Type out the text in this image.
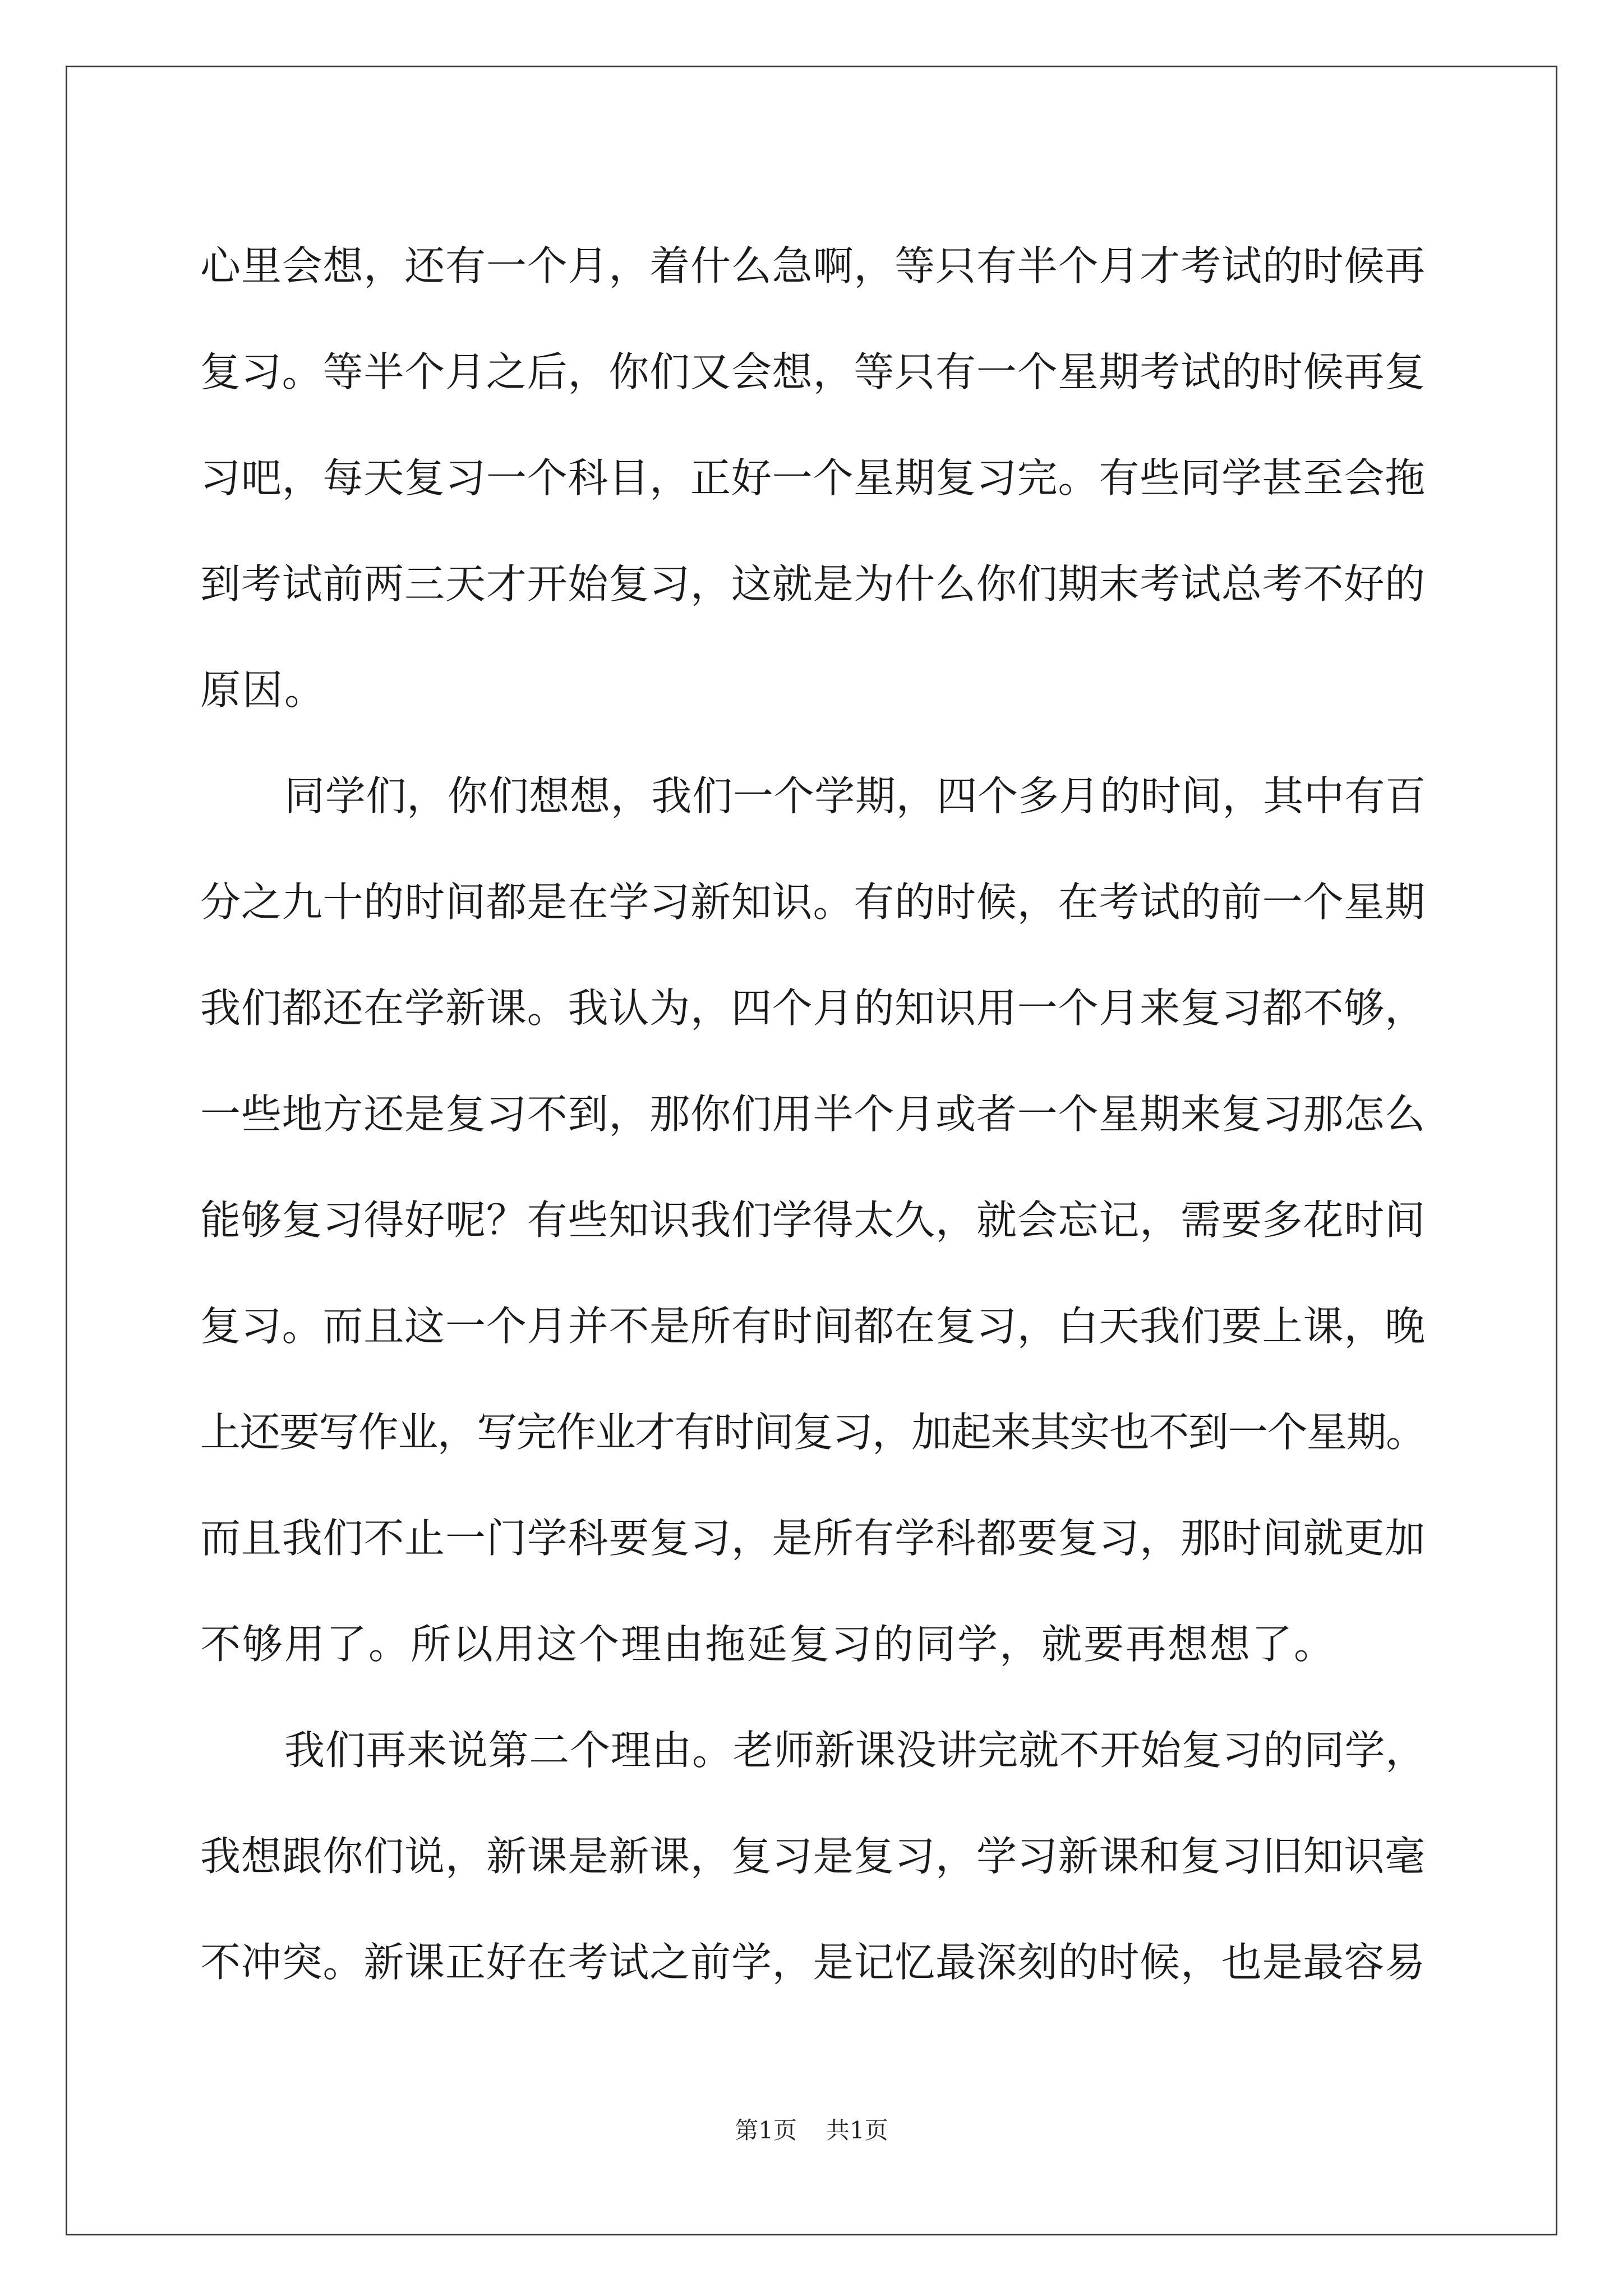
心里会想，还有一个月，着什么急啊，等只有半个月才考试的时候再
复习。等半个月之后，你们又会想，等只有一个星期考试的时候再复
习吧，每天复习一个科目，正好一个星期复习完。有些同学甚至会拖
到考试前两三天才开始复习，这就是为什么你们期末考试总考不好的
原因。

同学们，你们想想，我们一个学期，四个多月的时间，其中有百
分之九十的时间都是在学习新知识。有的时候，在考试的前一个星期
我们都还在学新课。我认为，四个月的知识用一个月来复习都不够，
一些地方还是复习不到，那你们用半个月或者一个星期来复习那怎么
能够复习得好呢？有些知识我们学得太久，就会忘记，需要多花时间
复习。而且这一个月并不是所有时间都在复习，白天我们要上课，晚
上还要写作业，写完作业才有时间复习，加起来其实也不到一个星期。
而且我们不止一门学科要复习，是所有学科都要复习，那时间就更加
不够用了。所以用这个理由拖延复习的同学，就要再想想了。

我们再来说第二个理由。老师新课没讲完就不开始复习的同学，
我想跟你们说，新课是新课，复习是复习，学习新课和复习旧知识毫
不冲突。新课正好在考试之前学，是记忆最深刻的时候，也是最容易

第1页 共1页
